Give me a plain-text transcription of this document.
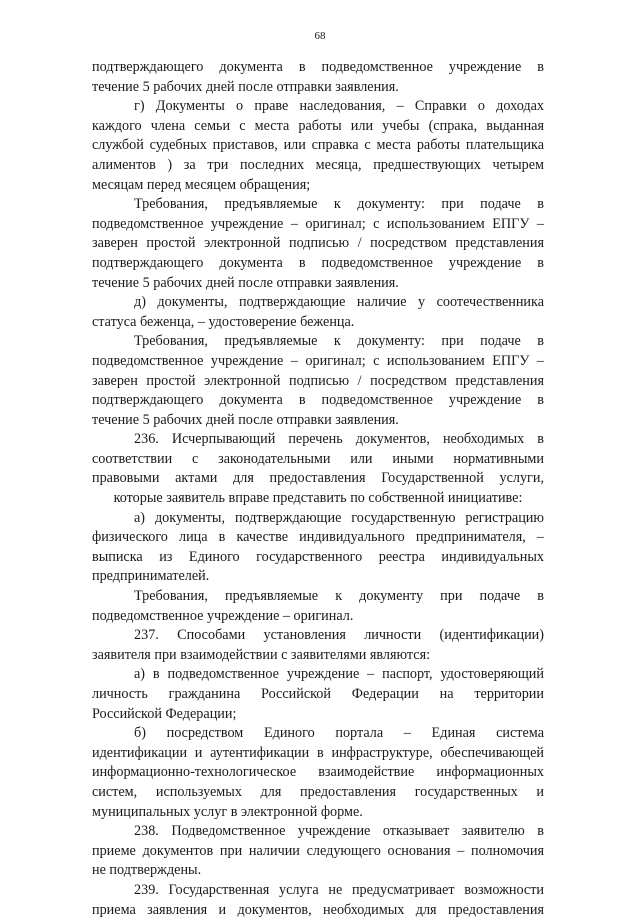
68
подтверждающего документа в подведомственное учреждение в
течение 5 рабочих дней после отправки заявления.
г) Документы о праве наследования, – Справки о доходах
каждого члена семьи с места работы или учебы (спрака, выданная
службой судебных приставов, или справка с места работы плательщика
алиментов ) за три последних месяца, предшествующих четырем
месяцам перед месяцем обращения;
Требования, предъявляемые к документу: при подаче в
подведомственное учреждение – оригинал; с использованием ЕПГУ –
заверен простой электронной подписью / посредством представления
подтверждающего документа в подведомственное учреждение в
течение 5 рабочих дней после отправки заявления.
д) документы, подтверждающие наличие у соотечественника
статуса беженца, – удостоверение беженца.
Требования, предъявляемые к документу: при подаче в
подведомственное учреждение – оригинал; с использованием ЕПГУ –
заверен простой электронной подписью / посредством представления
подтверждающего документа в подведомственное учреждение в
течение 5 рабочих дней после отправки заявления.
236. Исчерпывающий перечень документов, необходимых в
соответствии с законодательными или иными нормативными
правовыми актами для предоставления Государственной услуги,
которые заявитель вправе представить по собственной инициативе:
а) документы, подтверждающие государственную регистрацию
физического лица в качестве индивидуального предпринимателя, –
выписка из Единого государственного реестра индивидуальных
предпринимателей.
Требования, предъявляемые к документу при подаче в
подведомственное учреждение – оригинал.
237. Способами установления личности (идентификации)
заявителя при взаимодействии с заявителями являются:
а) в подведомственное учреждение – паспорт, удостоверяющий
личность гражданина Российской Федерации на территории
Российской Федерации;
б) посредством Единого портала – Единая система
идентификации и аутентификации в инфраструктуре, обеспечивающей
информационно-технологическое взаимодействие информационных
систем, используемых для предоставления государственных и
муниципальных услуг в электронной форме.
238. Подведомственное учреждение отказывает заявителю в
приеме документов при наличии следующего основания – полномочия
не подтверждены.
239. Государственная услуга не предусматривает возможности
приема заявления и документов, необходимых для предоставления
